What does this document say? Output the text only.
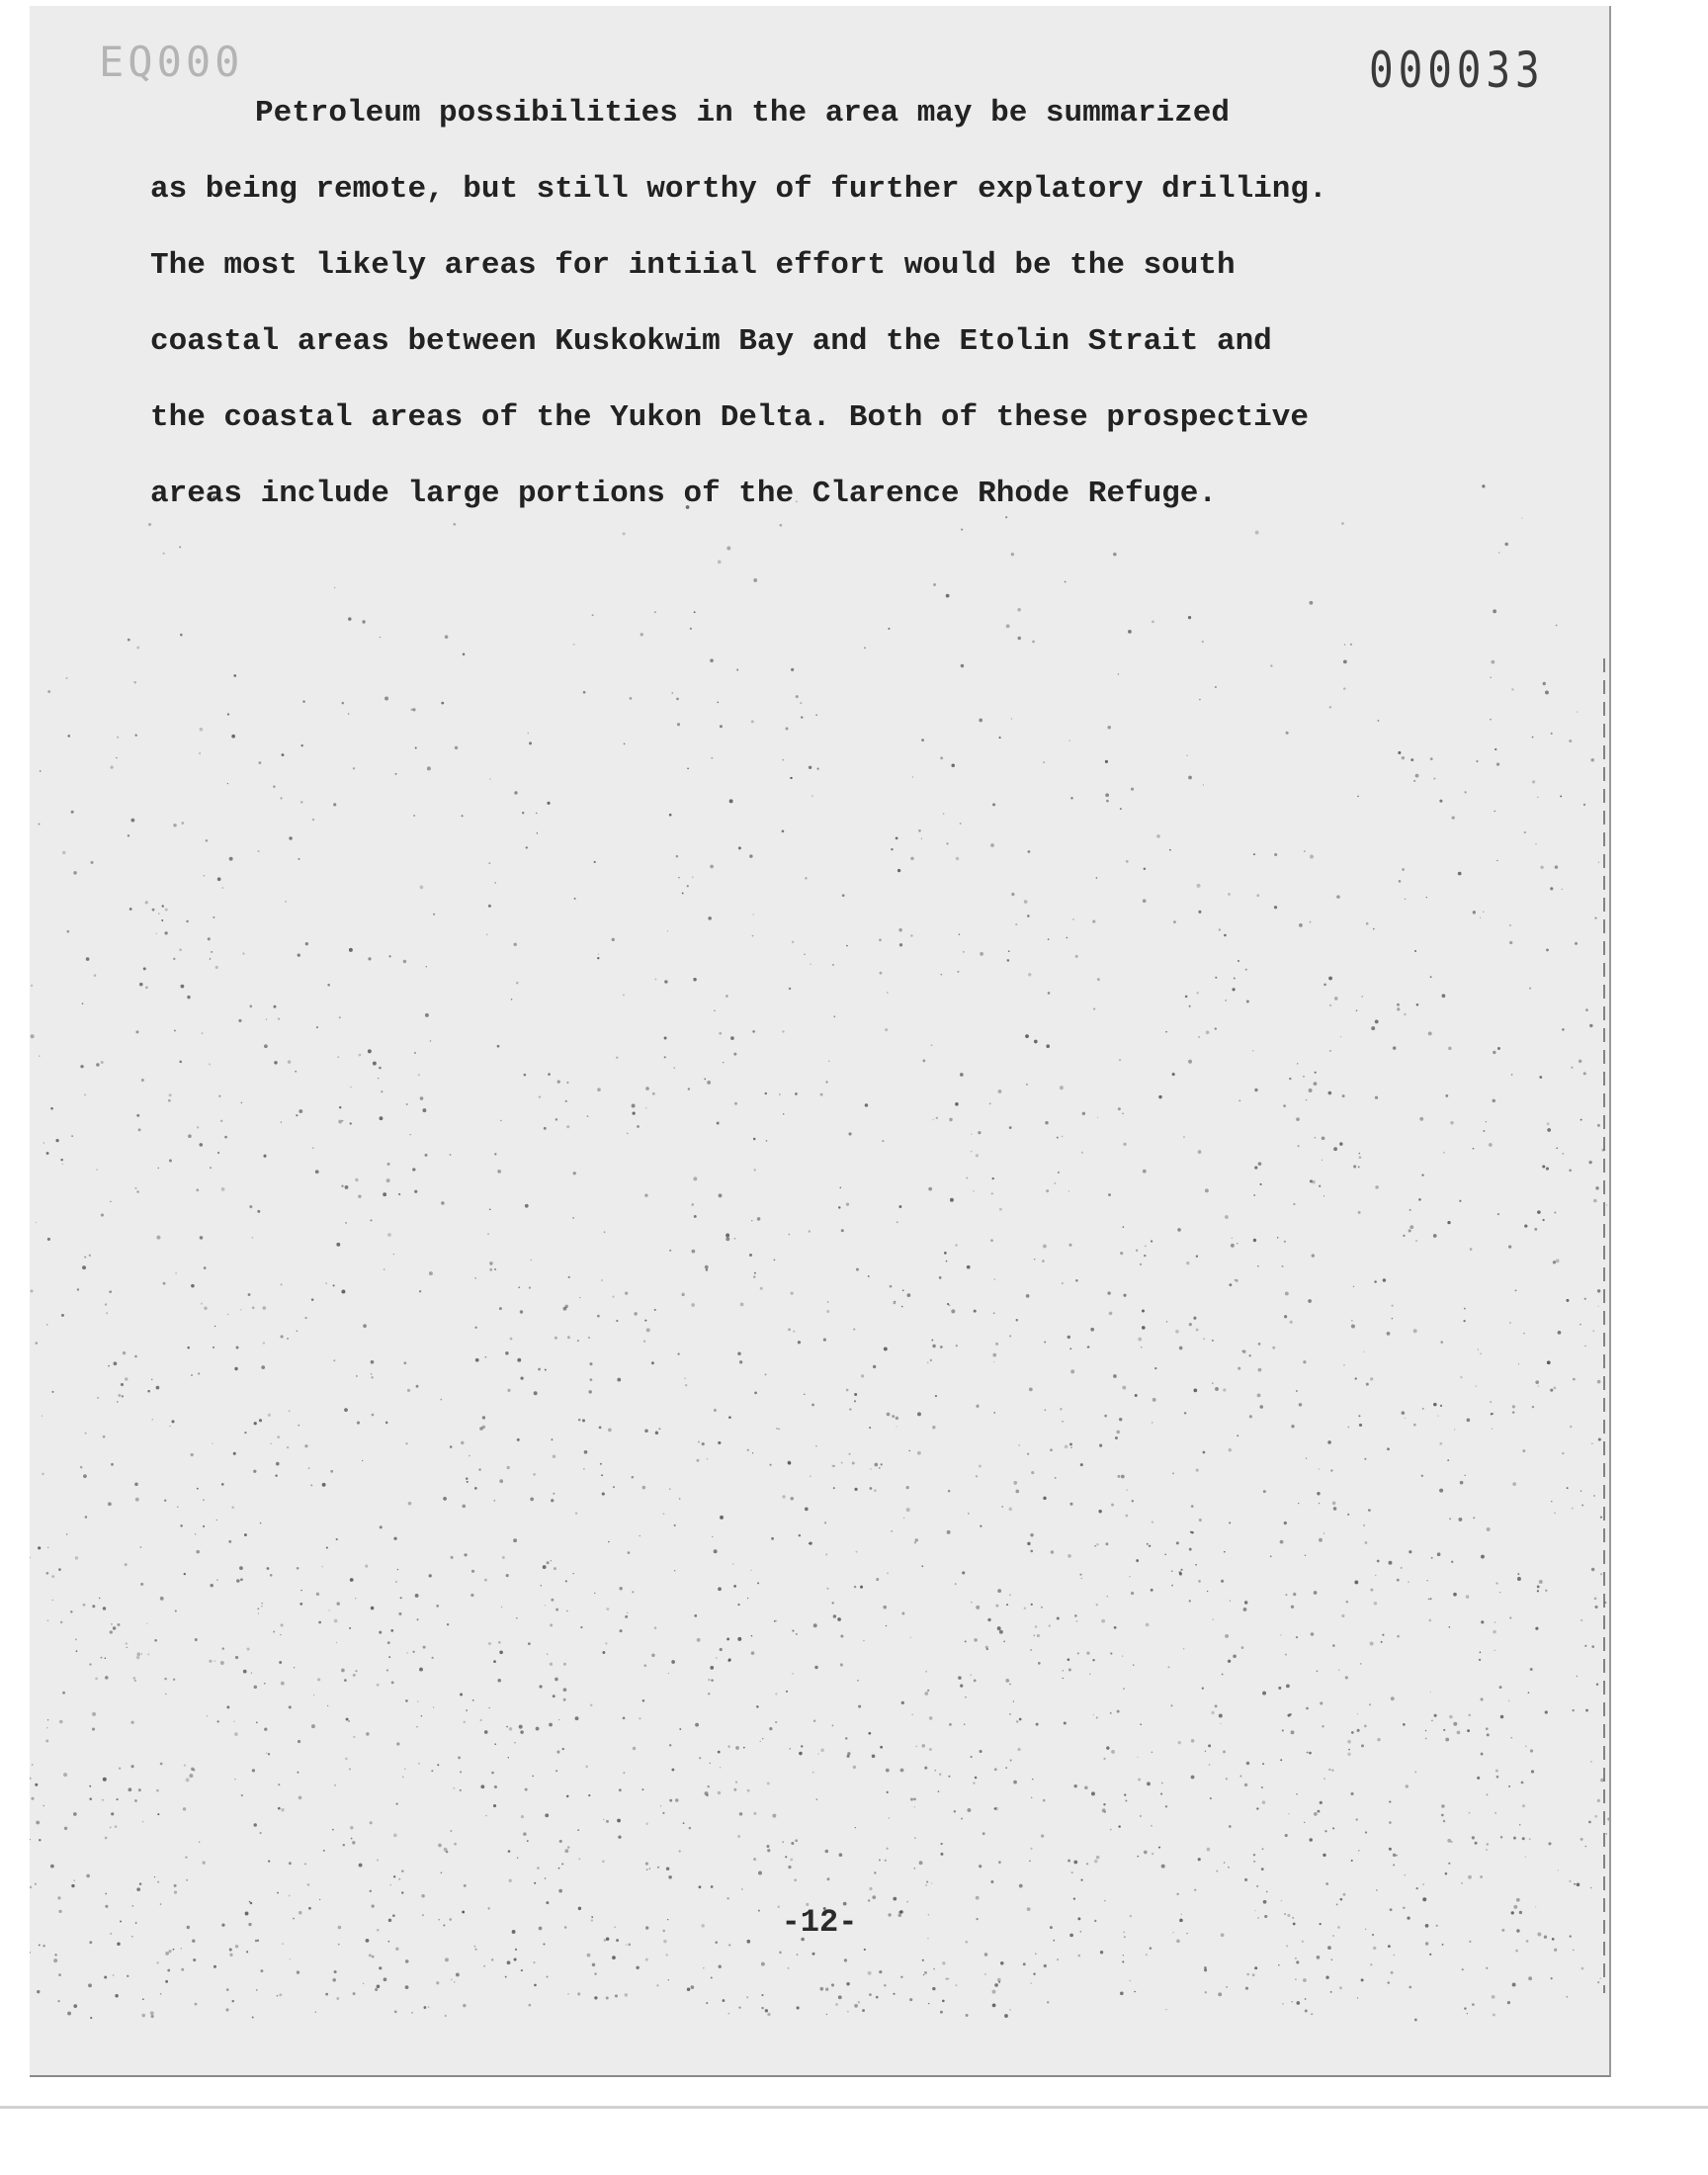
EQ000	000033

Petroleum possibilities in the area may be summarized
as being remote, but still worthy of further explatory drilling.
The most likely areas for intiial effort would be the south
coastal areas between Kuskokwim Bay and the Etolin Strait and
the coastal areas of the Yukon Delta. Both of these prospective
areas include large portions of the Clarence Rhode Refuge.

-12-
